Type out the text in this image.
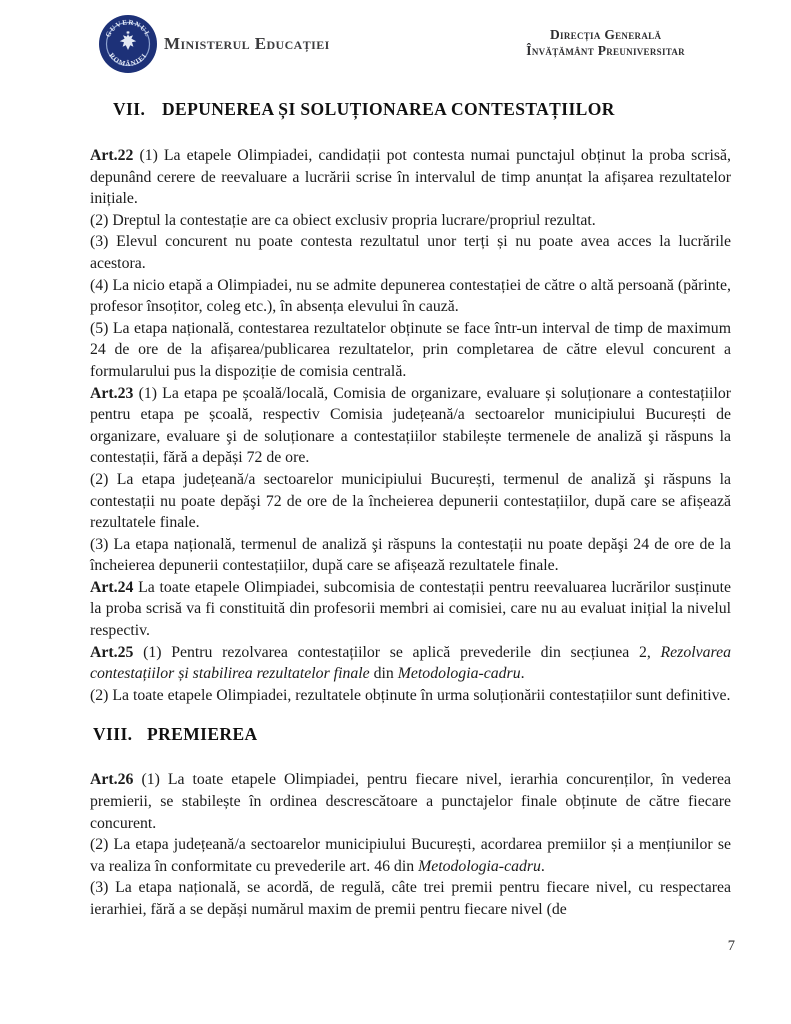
GUVERNUL
ROMÂNIEI
Ministerul Educației	Direcția Generală
Învățământ Preuniversitar
VII. DEPUNEREA ȘI SOLUȚIONAREA CONTESTAȚIILOR

Art.22 (1) La etapele Olimpiadei, candidații pot contesta numai punctajul obținut la proba scrisă, depunând cerere de reevaluare a lucrării scrise în intervalul de timp anunțat la afișarea rezultatelor inițiale.

(2) Dreptul la contestație are ca obiect exclusiv propria lucrare/propriul rezultat.

(3) Elevul concurent nu poate contesta rezultatul unor terți și nu poate avea acces la lucrările acestora.

(4) La nicio etapă a Olimpiadei, nu se admite depunerea contestației de către o altă persoană (părinte, profesor însoțitor, coleg etc.), în absența elevului în cauză.

(5) La etapa națională, contestarea rezultatelor obținute se face într-un interval de timp de maximum 24 de ore de la afișarea/publicarea rezultatelor, prin completarea de către elevul concurent a formularului pus la dispoziție de comisia centrală.

Art.23 (1) La etapa pe școală/locală, Comisia de organizare, evaluare și soluționare a contestațiilor pentru etapa pe școală, respectiv Comisia județeană/a sectoarelor municipiului București de organizare, evaluare şi de soluționare a contestațiilor stabilește termenele de analiză şi răspuns la contestații, fără a depăși 72 de ore.

(2) La etapa județeană/a sectoarelor municipiului București, termenul de analiză şi răspuns la contestații nu poate depăşi 72 de ore de la încheierea depunerii contestațiilor, după care se afișează rezultatele finale.

(3) La etapa națională, termenul de analiză şi răspuns la contestații nu poate depăşi 24 de ore de la încheierea depunerii contestațiilor, după care se afișează rezultatele finale.

Art.24 La toate etapele Olimpiadei, subcomisia de contestații pentru reevaluarea lucrărilor susținute la proba scrisă va fi constituită din profesorii membri ai comisiei, care nu au evaluat inițial la nivelul respectiv.

Art.25 (1) Pentru rezolvarea contestațiilor se aplică prevederile din secțiunea 2, Rezolvarea contestațiilor și stabilirea rezultatelor finale din Metodologia-cadru.

(2) La toate etapele Olimpiadei, rezultatele obținute în urma soluționării contestațiilor sunt definitive.

VIII. PREMIEREA

Art.26 (1) La toate etapele Olimpiadei, pentru fiecare nivel, ierarhia concurenților, în vederea premierii, se stabilește în ordinea descrescătoare a punctajelor finale obținute de către fiecare concurent.

(2) La etapa județeană/a sectoarelor municipiului București, acordarea premiilor și a mențiunilor se va realiza în conformitate cu prevederile art. 46 din Metodologia-cadru.

(3) La etapa națională, se acordă, de regulă, câte trei premii pentru fiecare nivel, cu respectarea ierarhiei, fără a se depăși numărul maxim de premii pentru fiecare nivel (de

7
